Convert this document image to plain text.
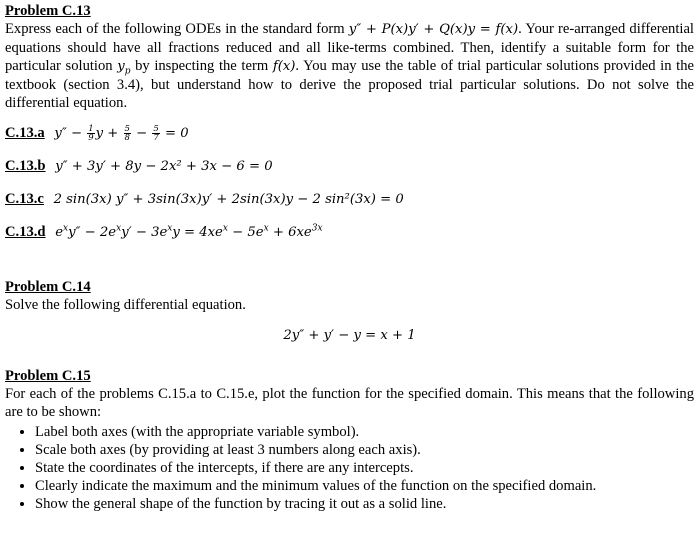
Problem C.13

Express each of the following ODEs in the standard form y″ + P(x)y′ + Q(x)y = f(x). Your re-arranged differential equations should have all fractions reduced and all like-terms combined. Then, identify a suitable form for the particular solution $y_p$ by inspecting the term f(x). You may use the table of trial particular solutions provided in the textbook (section 3.4), but understand how to derive the proposed trial particular solutions. Do not solve the differential equation.

C.13.a $y'' - \frac{1}{9}$ $y + \frac{5}{8} - \frac{5}{7} = 0$
C.13.b y″ + 3y′ + 8y − 2x² + 3x − 6 = 0
C.13.c 2 sin(3x) y″ + 3sin(3x)y′ + 2sin(3x)y − 2 sin²(3x) = 0
C.13.d $e^xy'' - 2e^xy' - 3e^xy = 4xe^x - 5e^x + 6xe^{3x}$
Problem C.14

Solve the following differential equation.

2y″ + y′ − y = x + 1
Problem C.15

For each of the problems C.15.a to C.15.e, plot the function for the specified domain. This means that the following are to be shown:

• Label both axes (with the appropriate variable symbol).
• Scale both axes (by providing at least 3 numbers along each axis).
• State the coordinates of the intercepts, if there are any intercepts.
• Clearly indicate the maximum and the minimum values of the function on the specified domain.
• Show the general shape of the function by tracing it out as a solid line.
